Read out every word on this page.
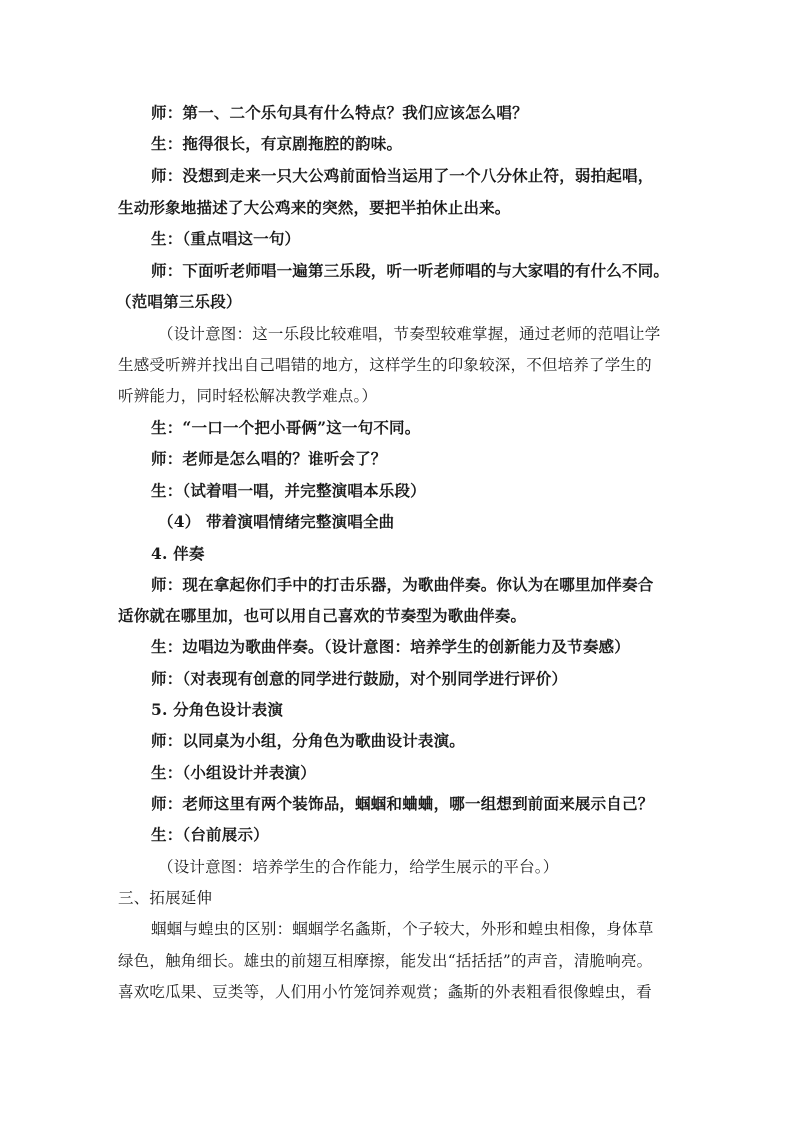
师：第一、二个乐句具有什么特点？我们应该怎么唱？
生：拖得很长，有京剧拖腔的韵味。
师：没想到走来一只大公鸡前面恰当运用了一个八分休止符，弱拍起唱，
生动形象地描述了大公鸡来的突然，要把半拍休止出来。
生：（重点唱这一句）
师：下面听老师唱一遍第三乐段，听一听老师唱的与大家唱的有什么不同。
（范唱第三乐段）
（设计意图：这一乐段比较难唱，节奏型较难掌握，通过老师的范唱让学
生感受听辨并找出自己唱错的地方，这样学生的印象较深，不但培养了学生的
听辨能力，同时轻松解决教学难点。）
生：“一口一个把小哥俩”这一句不同。
师：老师是怎么唱的？谁听会了？
生：（试着唱一唱，并完整演唱本乐段）
（4） 带着演唱情绪完整演唱全曲
4. 伴奏
师：现在拿起你们手中的打击乐器，为歌曲伴奏。你认为在哪里加伴奏合
适你就在哪里加，也可以用自己喜欢的节奏型为歌曲伴奏。
生：边唱边为歌曲伴奏。（设计意图：培养学生的创新能力及节奏感）
师：（对表现有创意的同学进行鼓励，对个别同学进行评价）
5. 分角色设计表演
师：以同桌为小组，分角色为歌曲设计表演。
生：（小组设计并表演）
师：老师这里有两个装饰品，蝈蝈和蛐蛐，哪一组想到前面来展示自己？
生：（台前展示）
（设计意图：培养学生的合作能力，给学生展示的平台。）
三、拓展延伸
蝈蝈与蝗虫的区别：蝈蝈学名螽斯，个子较大，外形和蝗虫相像，身体草
绿色，触角细长。雄虫的前翅互相摩擦，能发出“括括括”的声音，清脆响亮。
喜欢吃瓜果、豆类等，人们用小竹笼饲养观赏；螽斯的外表粗看很像蝗虫，看
